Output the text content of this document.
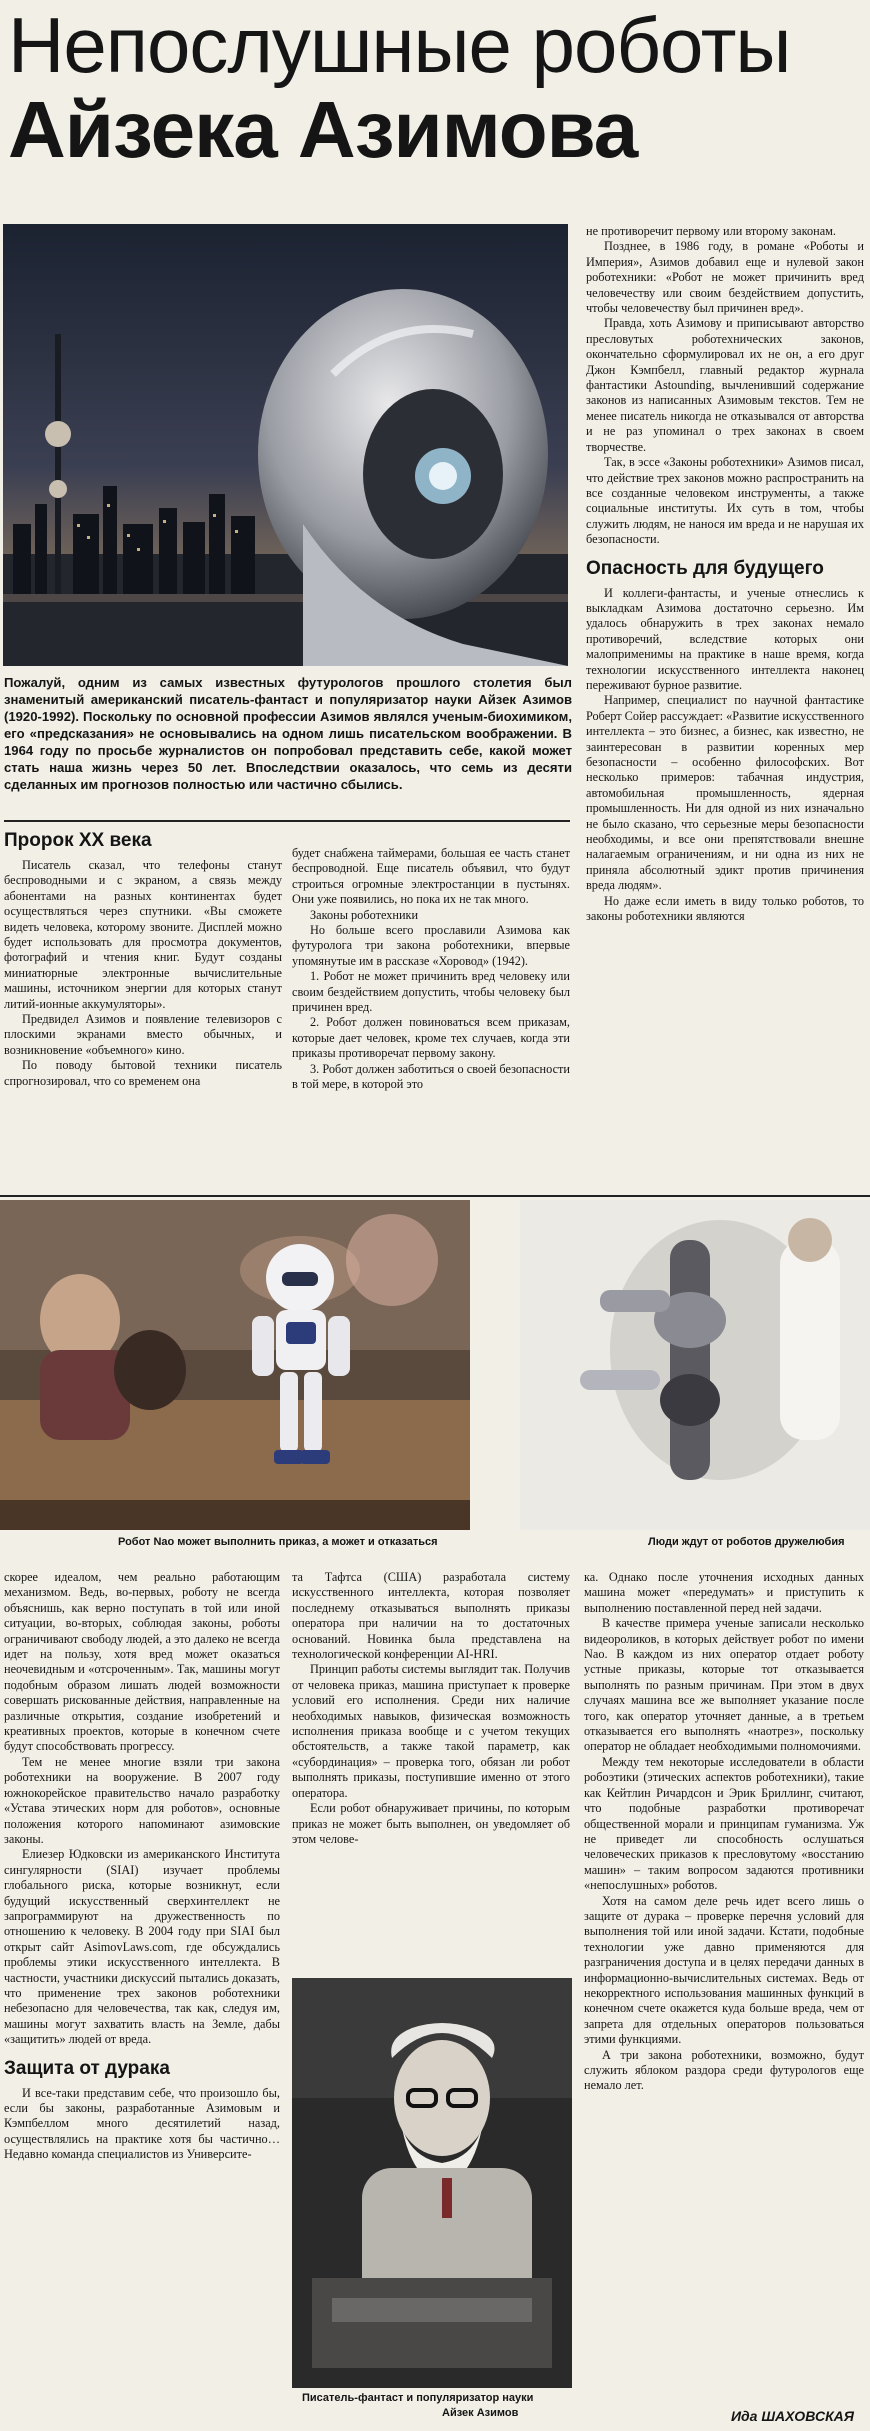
Непослушные роботы
Айзека Азимова

не противоречит первому или второму законам.

Позднее, в 1986 году, в романе «Роботы и Империя», Азимов добавил еще и нулевой закон роботехники: «Робот не может причинить вред человечеству или своим бездействием допустить, чтобы человечеству был причинен вред».

Правда, хоть Азимову и приписывают авторство пресловутых роботехнических законов, окончательно сформулировал их не он, а его друг Джон Кэмпбелл, главный редактор журнала фантастики Astounding, вычленивший содержание законов из написанных Азимовым текстов. Тем не менее писатель никогда не отказывался от авторства и не раз упоминал о трех законах в своем творчестве.

Так, в эссе «Законы роботехники» Азимов писал, что действие трех законов можно распространить на все созданные человеком инструменты, а также социальные институты. Их суть в том, чтобы служить людям, не нанося им вреда и не нарушая их безопасности.

Опасность для будущего

И коллеги-фантасты, и ученые отнеслись к выкладкам Азимова достаточно серьезно. Им удалось обнаружить в трех законах немало противоречий, вследствие которых они малоприменимы на практике в наше время, когда технологии искусственного интеллекта наконец переживают бурное развитие.

Например, специалист по научной фантастике Роберт Сойер рассуждает: «Развитие искусственного интеллекта – это бизнес, а бизнес, как известно, не заинтересован в развитии коренных мер безопасности – особенно философских. Вот несколько примеров: табачная индустрия, автомобильная промышленность, ядерная промышленность. Ни для одной из них изначально не было сказано, что серьезные меры безопасности необходимы, и все они препятствовали внешне налагаемым ограничениям, и ни одна из них не приняла абсолютный эдикт против причинения вреда людям».

Но даже если иметь в виду только роботов, то законы роботехники являются

Пожалуй, одним из самых известных футурологов прошлого столетия был знаменитый американский писатель-фантаст и популяризатор науки Айзек Азимов (1920-1992). Поскольку по основной профессии Азимов являлся ученым-биохимиком, его «предсказания» не основывались на одном лишь писательском воображении. В 1964 году по просьбе журналистов он попробовал представить себе, какой может стать наша жизнь через 50 лет. Впоследствии оказалось, что семь из десяти сделанных им прогнозов полностью или частично сбылись.
Пророк XX века

Писатель сказал, что телефоны станут беспроводными и с экраном, а связь между абонентами на разных континентах будет осуществляться через спутники. «Вы сможете видеть человека, которому звоните. Дисплей можно будет использовать для просмотра документов, фотографий и чтения книг. Будут созданы миниатюрные электронные вычислительные машины, источником энергии для которых станут литий-ионные аккумуляторы».

Предвидел Азимов и появление телевизоров с плоскими экранами вместо обычных, и возникновение «объемного» кино.

По поводу бытовой техники писатель спрогнозировал, что со временем она

будет снабжена таймерами, большая ее часть станет беспроводной. Еще писатель объявил, что будут строиться огромные электростанции в пустынях. Они уже появились, но пока их не так много.

Законы роботехники

Но больше всего прославили Азимова как футуролога три закона роботехники, впервые упомянутые им в рассказе «Хоровод» (1942).

1. Робот не может причинить вред человеку или своим бездействием допустить, чтобы человеку был причинен вред.

2. Робот должен повиноваться всем приказам, которые дает человек, кроме тех случаев, когда эти приказы противоречат первому закону.

3. Робот должен заботиться о своей безопасности в той мере, в которой это

Робот Nao может выполнить приказ, а может и отказаться	Люди ждут от роботов дружелюбия

скорее идеалом, чем реально работающим механизмом. Ведь, во-первых, роботу не всегда объяснишь, как верно поступать в той или иной ситуации, во-вторых, соблюдая законы, роботы ограничивают свободу людей, а это далеко не всегда идет на пользу, хотя вред может оказаться неочевидным и «отсроченным». Так, машины могут подобным образом лишать людей возможности совершать рискованные действия, направленные на различные открытия, создание изобретений и креативных проектов, которые в конечном счете будут способствовать прогрессу.

Тем не менее многие взяли три закона роботехники на вооружение. В 2007 году южнокорейское правительство начало разработку «Устава этических норм для роботов», основные положения которого напоминают азимовские законы.

Елиезер Юдковски из американского Института сингулярности (SIAI) изучает проблемы глобального риска, которые возникнут, если будущий искусственный сверхинтеллект не запрограммируют на дружественность по отношению к человеку. В 2004 году при SIAI был открыт сайт AsimovLaws.com, где обсуждались проблемы этики искусственного интеллекта. В частности, участники дискуссий пытались доказать, что применение трех законов роботехники небезопасно для человечества, так как, следуя им, машины могут захватить власть на Земле, дабы «защитить» людей от вреда.

Защита от дурака

И все-таки представим себе, что произошло бы, если бы законы, разработанные Азимовым и Кэмпбеллом много десятилетий назад, осуществлялись на практике хотя бы частично… Недавно команда специалистов из Университе-

та Тафтса (США) разработала систему искусственного интеллекта, которая позволяет последнему отказываться выполнять приказы оператора при наличии на то достаточных оснований. Новинка была представлена на технологической конференции AI-HRI.

Принцип работы системы выглядит так. Получив от человека приказ, машина приступает к проверке условий его исполнения. Среди них наличие необходимых навыков, физическая возможность исполнения приказа вообще и с учетом текущих обстоятельств, а также такой параметр, как «субординация» – проверка того, обязан ли робот выполнять приказы, поступившие именно от этого оператора.

Если робот обнаруживает причины, по которым приказ не может быть выполнен, он уведомляет об этом челове-

Писатель-фантаст и популяризатор науки
Айзек Азимов

ка. Однако после уточнения исходных данных машина может «передумать» и приступить к выполнению поставленной перед ней задачи.

В качестве примера ученые записали несколько видеороликов, в которых действует робот по имени Nao. В каждом из них оператор отдает роботу устные приказы, которые тот отказывается выполнять по разным причинам. При этом в двух случаях машина все же выполняет указание после того, как оператор уточняет данные, а в третьем отказывается его выполнять «наотрез», поскольку оператор не обладает необходимыми полномочиями.

Между тем некоторые исследователи в области робоэтики (этических аспектов роботехники), такие как Кейтлин Ричардсон и Эрик Бриллинг, считают, что подобные разработки противоречат общественной морали и принципам гуманизма. Уж не приведет ли способность ослушаться человеческих приказов к пресловутому «восстанию машин» – таким вопросом задаются противники «непослушных» роботов.

Хотя на самом деле речь идет всего лишь о защите от дурака – проверке перечня условий для выполнения той или иной задачи. Кстати, подобные технологии уже давно применяются для разграничения доступа и в целях передачи данных в информационно-вычислительных системах. Ведь от некорректного использования машинных функций в конечном счете окажется куда больше вреда, чем от запрета для отдельных операторов пользоваться этими функциями.

А три закона роботехники, возможно, будут служить яблоком раздора среди футурологов еще немало лет.

Ида ШАХОВСКАЯ
